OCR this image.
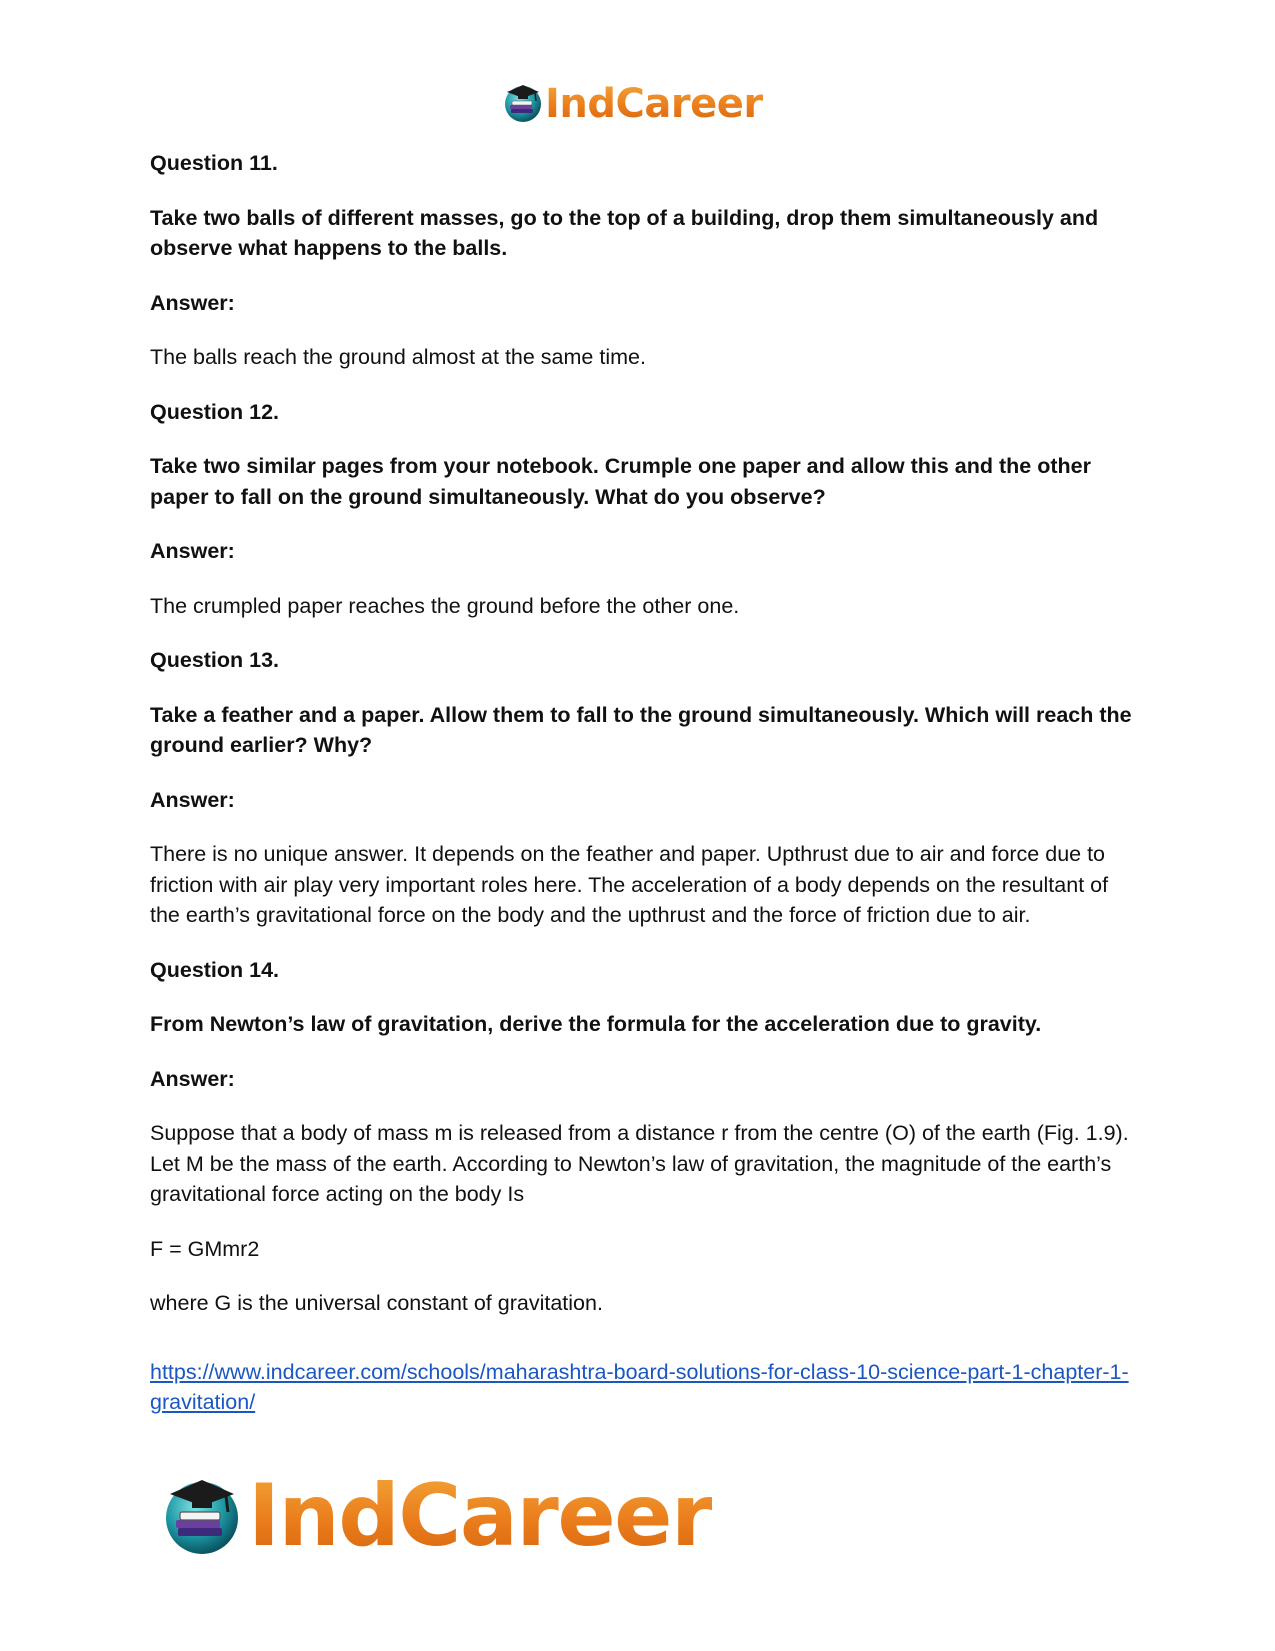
IndCareer

Question 11.

Take two balls of different masses, go to the top of a building, drop them simultaneously and observe what happens to the balls.

Answer:

The balls reach the ground almost at the same time.

Question 12.

Take two similar pages from your notebook. Crumple one paper and allow this and the other paper to fall on the ground simultaneously. What do you observe?

Answer:

The crumpled paper reaches the ground before the other one.

Question 13.

Take a feather and a paper. Allow them to fall to the ground simultaneously. Which will reach the ground earlier? Why?

Answer:

There is no unique answer. It depends on the feather and paper. Upthrust due to air and force due to friction with air play very important roles here. The acceleration of a body depends on the resultant of the earth’s gravitational force on the body and the upthrust and the force of friction due to air.

Question 14.

From Newton’s law of gravitation, derive the formula for the acceleration due to gravity.

Answer:

Suppose that a body of mass m is released from a distance r from the centre (O) of the earth (Fig. 1.9). Let M be the mass of the earth. According to Newton’s law of gravitation, the magnitude of the earth’s gravitational force acting on the body Is

F = GMmr2

where G is the universal constant of gravitation.

https://www.indcareer.com/schools/maharashtra-board-solutions-for-class-10-science-part-1-chapter-1-gravitation/
IndCareer
